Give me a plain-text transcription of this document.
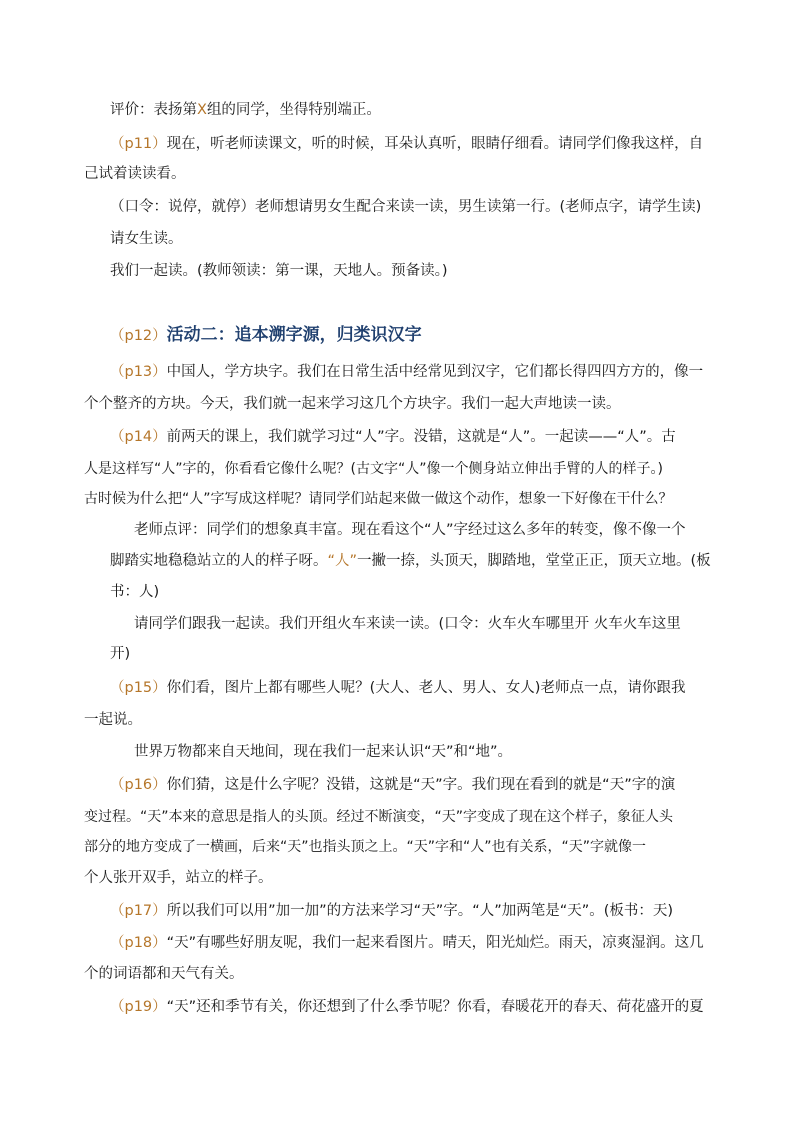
评价：表扬第X组的同学，坐得特别端正。
（p11）现在，听老师读课文，听的时候，耳朵认真听，眼睛仔细看。请同学们像我这样，自
己试着读读看。
（口令：说停，就停）老师想请男女生配合来读一读，男生读第一行。(老师点字，请学生读)
请女生读。
我们一起读。(教师领读：第一课，天地人。预备读。)
（p12）活动二：追本溯字源，归类识汉字
（p13）中国人，学方块字。我们在日常生活中经常见到汉字，它们都长得四四方方的，像一
个个整齐的方块。今天，我们就一起来学习这几个方块字。我们一起大声地读一读。
（p14）前两天的课上，我们就学习过“人”字。没错，这就是“人”。一起读——“人”。古
人是这样写“人”字的，你看看它像什么呢？(古文字“人”像一个侧身站立伸出手臂的人的样子。)
古时候为什么把“人”字写成这样呢？请同学们站起来做一做这个动作，想象一下好像在干什么？
老师点评：同学们的想象真丰富。现在看这个“人”字经过这么多年的转变，像不像一个
脚踏实地稳稳站立的人的样子呀。“人”一撇一捺，头顶天，脚踏地，堂堂正正，顶天立地。(板
书：人)
请同学们跟我一起读。我们开组火车来读一读。(口令：火车火车哪里开 火车火车这里
开)
（p15）你们看，图片上都有哪些人呢？(大人、老人、男人、女人)老师点一点，请你跟我
一起说。
世界万物都来自天地间，现在我们一起来认识“天”和“地”。
（p16）你们猜，这是什么字呢？没错，这就是“天”字。我们现在看到的就是“天”字的演
变过程。“天”本来的意思是指人的头顶。经过不断演变，“天”字变成了现在这个样子，象征人头
部分的地方变成了一横画，后来“天”也指头顶之上。“天”字和“人”也有关系，“天”字就像一
个人张开双手，站立的样子。
（p17）所以我们可以用”加一加”的方法来学习“天”字。“人”加两笔是“天”。(板书：天)
（p18）“天”有哪些好朋友呢，我们一起来看图片。晴天，阳光灿烂。雨天，凉爽湿润。这几
个的词语都和天气有关。
（p19）“天”还和季节有关，你还想到了什么季节呢？你看，春暖花开的春天、荷花盛开的夏
